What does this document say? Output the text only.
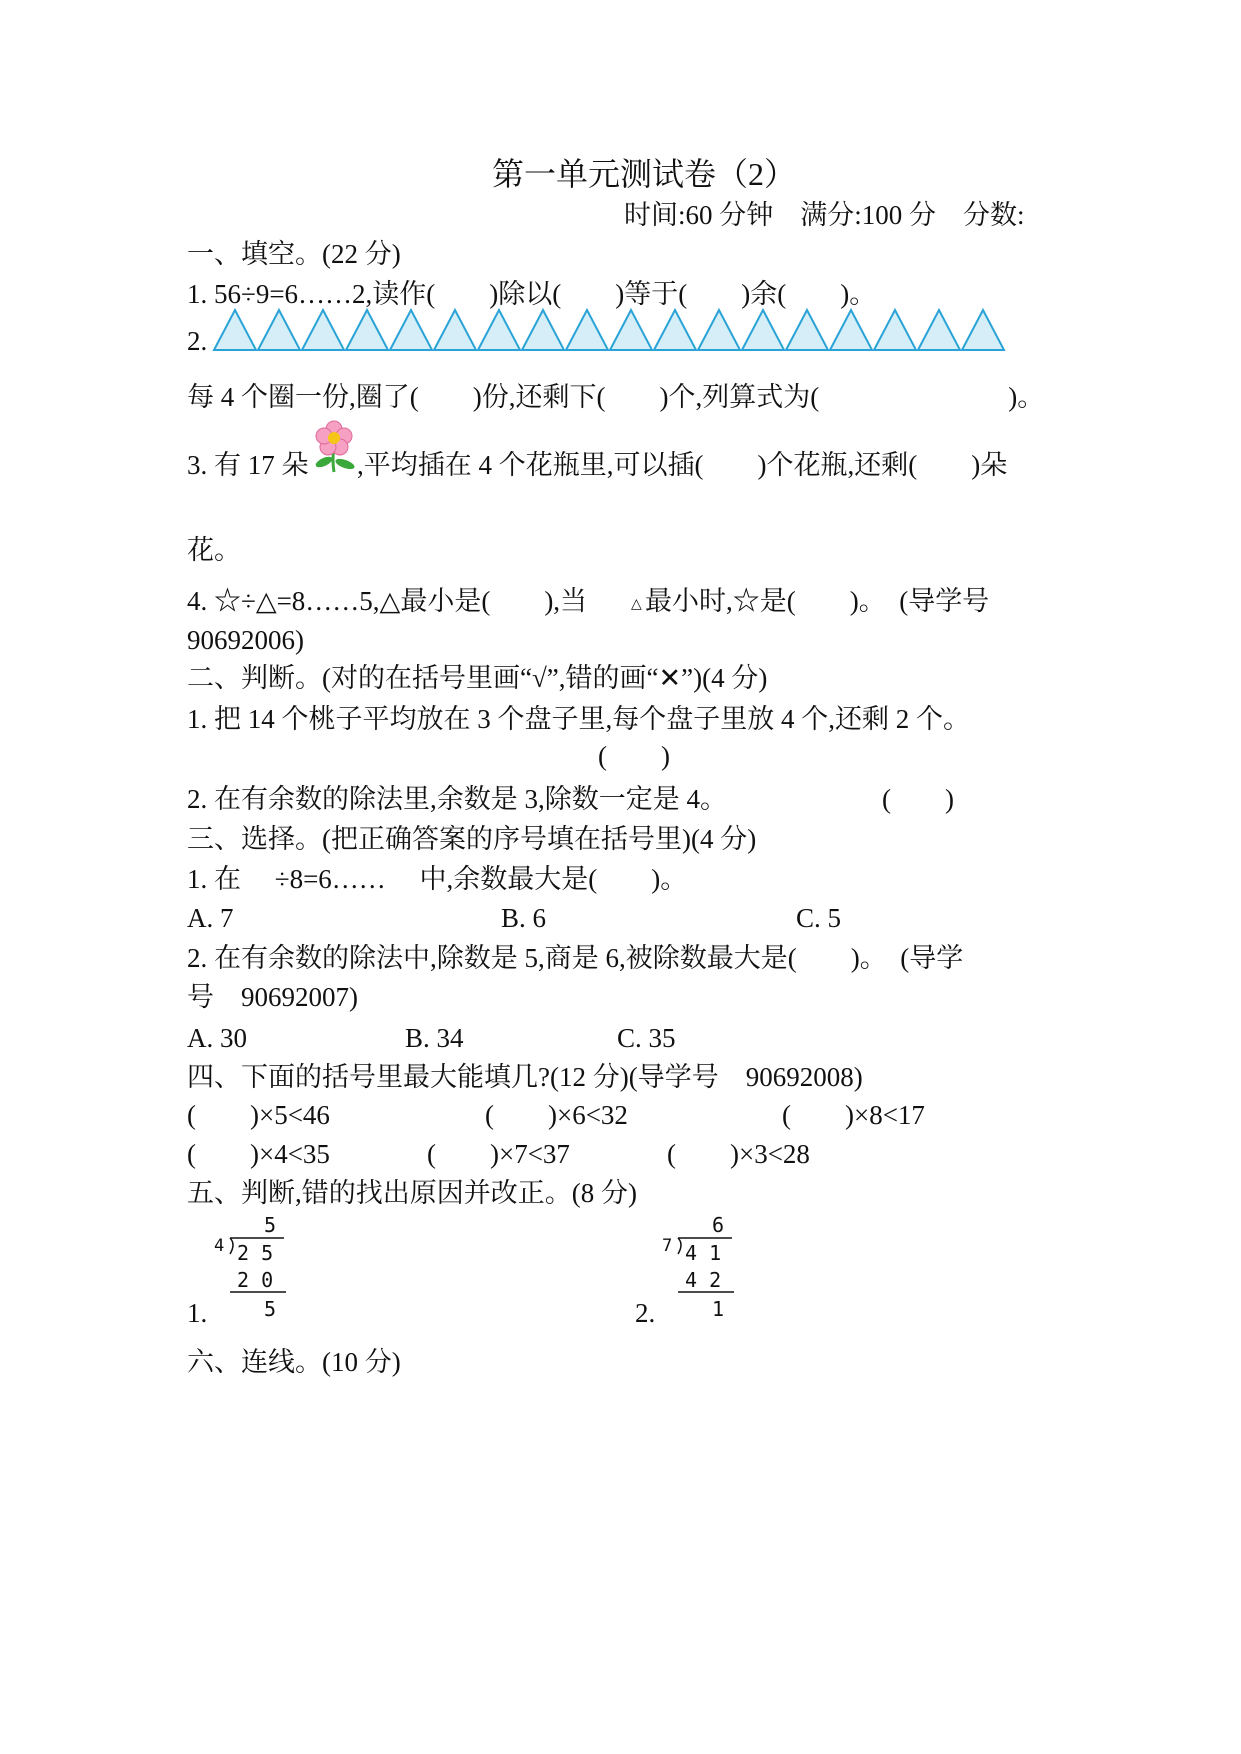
第一单元测试卷（2）
时间:60 分钟　满分:100 分　分数:
一、填空。(22 分)
1. 56÷9=6……2,读作(　　)除以(　　)等于(　　)余(　　)。
2.
每 4 个圈一份,圈了(　　)份,还剩下(　　)个,列算式为(　　　　　　　)。
3. 有 17 朵 ,平均插在 4 个花瓶里,可以插(　　)个花瓶,还剩(　　)朵
花。
4. ☆÷△=8……5,△最小是(　　),当	△ 最小时,☆是(　　)。　(导学号
90692006)
二、判断。(对的在括号里画“√”,错的画“✕”)(4 分)
1. 把 14 个桃子平均放在 3 个盘子里,每个盘子里放 4 个,还剩 2 个。
(　　)
2. 在有余数的除法里,余数是 3,除数一定是 4。	(　　)
三、选择。(把正确答案的序号填在括号里)(4 分)
1. 在　 ÷8=6……　 中,余数最大是(　　)。
A. 7	B. 6	C. 5
2. 在有余数的除法中,除数是 5,商是 6,被除数最大是(　　)。　(导学
号　90692007)
A. 30	B. 34	C. 35
四、下面的括号里最大能填几?(12 分)(导学号　90692008)
(　　)×5<46	(　　)×6<32	(　　)×8<17
(　　)×4<35	(　　)×7<37	(　　)×3<28
五、判断,错的找出原因并改正。(8 分)
1.
5
4 2 5
2 0
5	2.
6
7 4 1
4 2
1
六、连线。(10 分)
